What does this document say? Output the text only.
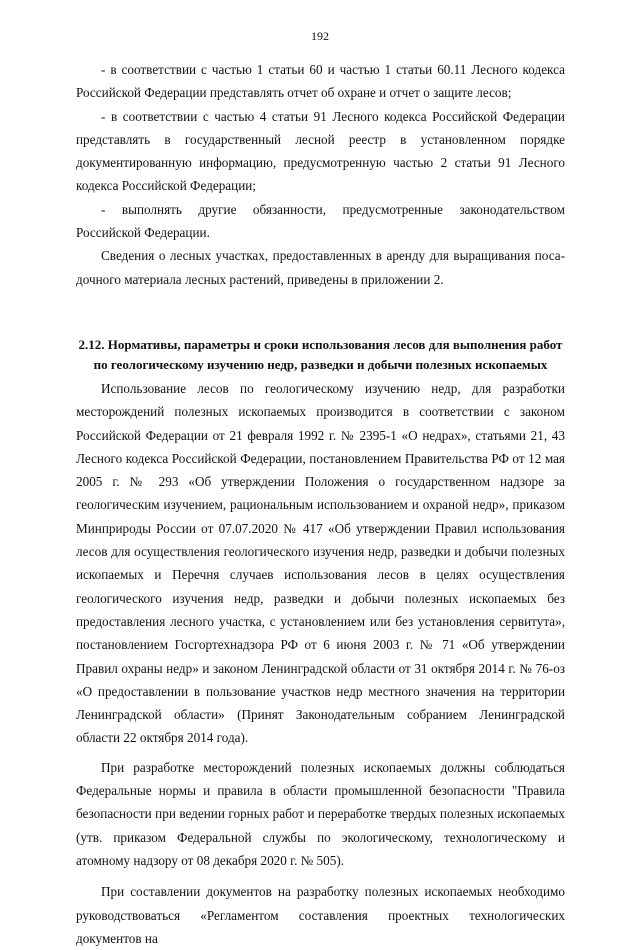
192

- в соответствии с частью 1 статьи 60 и частью 1 статьи 60.11 Лесного кодекса Российской Федерации представлять отчет об охране и отчет о защите лесов;

- в соответствии с частью 4 статьи 91 Лесного кодекса Российской Федерации представлять в государственный лесной реестр в установленном порядке документированную информацию, предусмотренную частью 2 статьи 91 Лесного кодекса Российской Федерации;

- выполнять другие обязанности, предусмотренные законодательством Российской Федерации.

Сведения о лесных участках, предоставленных в аренду для выращивания посадочного материала лесных растений, приведены в приложении 2.

2.12. Нормативы, параметры и сроки использования лесов для выполнения работ по геологическому изучению недр, разведки и добычи полезных ископаемых

Использование лесов по геологическому изучению недр, для разработки месторождений полезных ископаемых производится в соответствии с законом Российской Федерации от 21 февраля 1992 г. № 2395-1 «О недрах», статьями 21, 43 Лесного кодекса Российской Федерации, постановлением Правительства РФ от 12 мая 2005 г. № 293 «Об утверждении Положения о государственном надзоре за геологическим изучением, рациональным использованием и охраной недр», приказом Минприроды России от 07.07.2020 № 417 «Об утверждении Правил использования лесов для осуществления геологического изучения недр, разведки и добычи полезных ископаемых и Перечня случаев использования лесов в целях осуществления геологического изучения недр, разведки и добычи полезных ископаемых без предоставления лесного участка, с установлением или без установления сервитута», постановлением Госгортехнадзора РФ от 6 июня 2003 г. № 71 «Об утверждении Правил охраны недр» и законом Ленинградской области от 31 октября 2014 г. № 76-оз «О предоставлении в пользование участков недр местного значения на территории Ленинградской области» (Принят Законодательным собранием Ленинградской области 22 октября 2014 года).

При разработке месторождений полезных ископаемых должны соблюдаться Федеральные нормы и правила в области промышленной безопасности "Правила безопасности при ведении горных работ и переработке твердых полезных ископаемых (утв. приказом Федеральной службы по экологическому, технологическому и атомному надзору от 08 декабря 2020 г. № 505).

При составлении документов на разработку полезных ископаемых необходимо руководствоваться «Регламентом составления проектных технологических документов на
